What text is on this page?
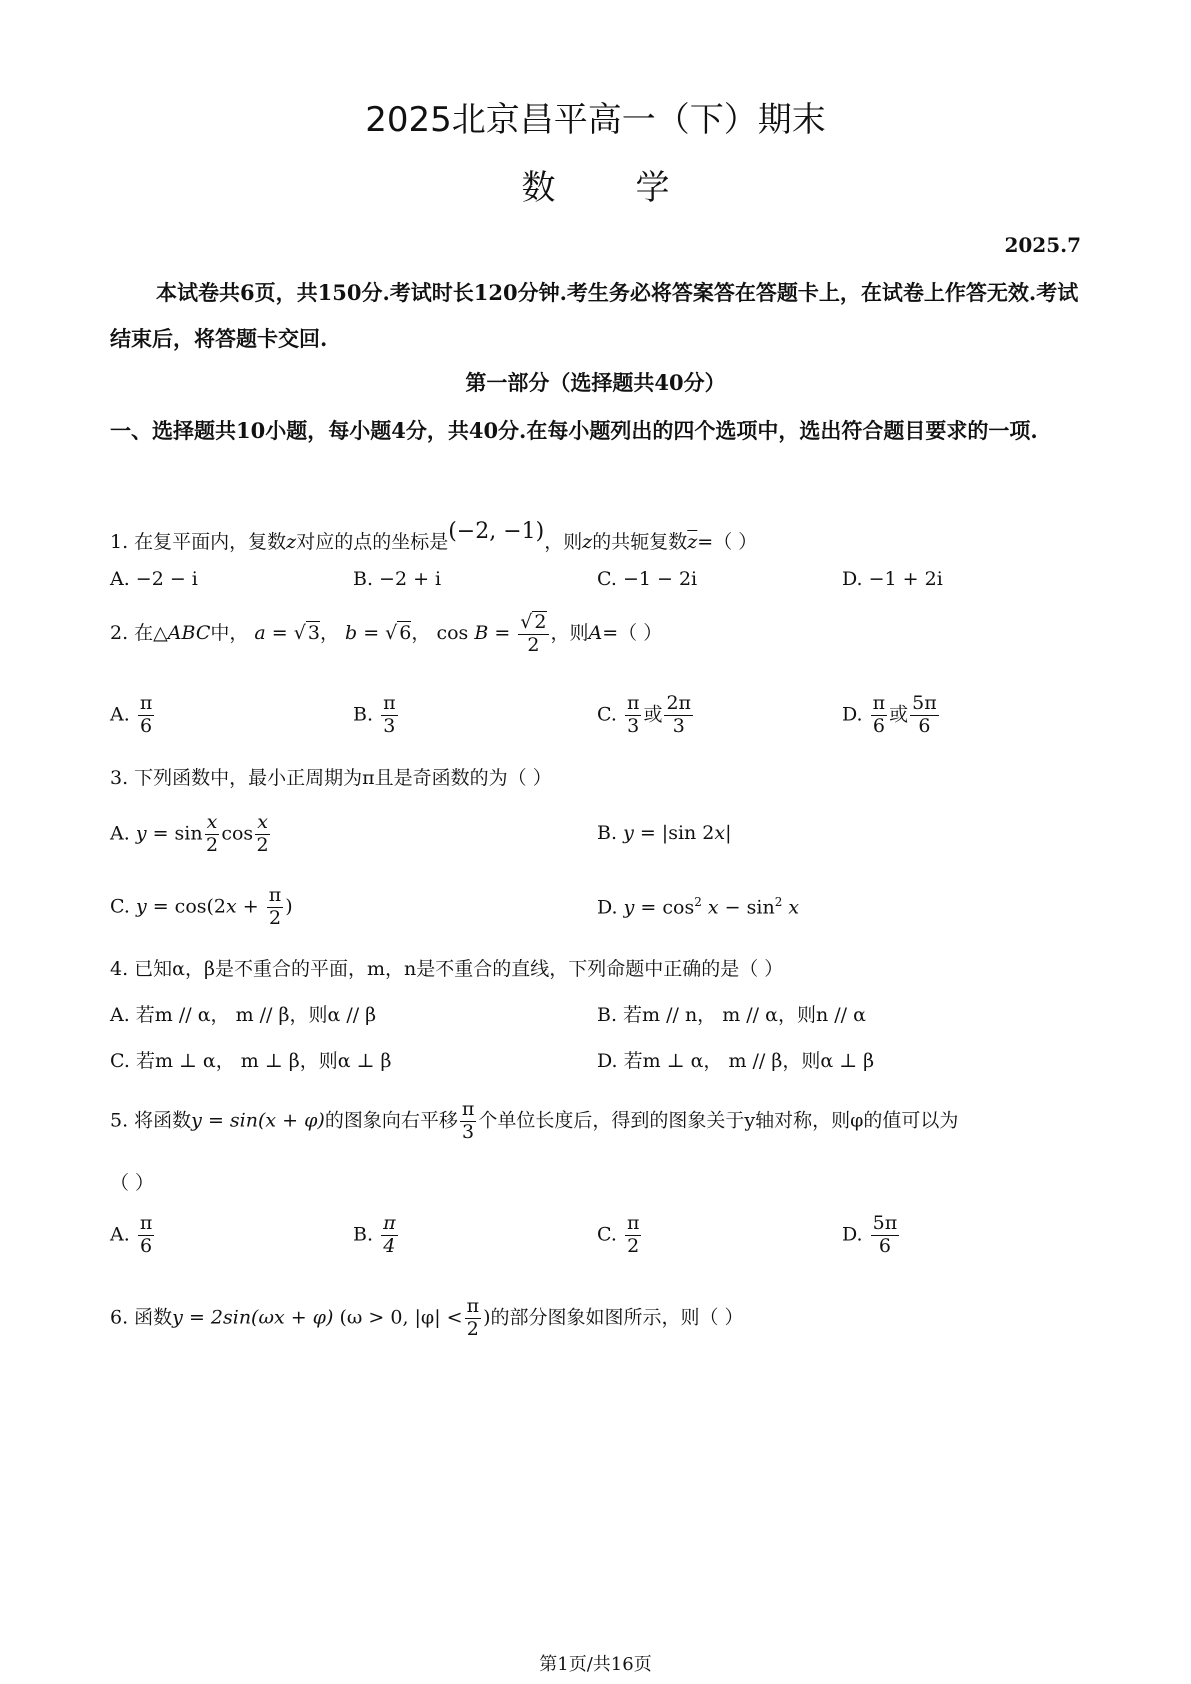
2025北京昌平高一（下）期末
数学
2025.7
本试卷共6页，共150分.考试时长120分钟.考生务必将答案答在答题卡上，在试卷上作答无效.考试结束后，将答题卡交回.
第一部分（选择题共40分）
一、选择题共10小题，每小题4分，共40分.在每小题列出的四个选项中，选出符合题目要求的一项.
1. 在复平面内，复数z对应的点的坐标是(−2, −1)，则z的共轭复数$\overline{z}=$（ ）
A. −2 − i	B. −2 + i	C. −1 − 2i	D. −1 + 2i
2. 在△ABC中， a = √ 3， b = √ 6， $\cos B = \frac{√ 2}{2}$ ，则A=（ ）
A. $\frac{\pi}{6}$	B. $\frac{\pi}{3}$	C. $\frac{\pi}{3}$ 或 $\frac{2\pi}{3}$	D. $\frac{\pi}{6}$ 或 $\frac{5\pi}{6}$
3. 下列函数中，最小正周期为π且是奇函数的为（ ）
A. $y = \sin \frac{x}{2}$ $\cos \frac{x}{2}$	B. y = |sin 2x|
C. $y = \cos(2x + \frac{\pi}{2}$ )	D. $y = \cos^2 x - \sin^2 x$
4. 已知α，β是不重合的平面，m，n是不重合的直线，下列命题中正确的是（ ）
A. 若m // α， m // β，则α // β	B. 若m // n， m // α，则n // α
C. 若m ⊥ α， m ⊥ β，则α ⊥ β	D. 若m ⊥ α， m // β，则α ⊥ β
5. 将函数y = sin(x + φ)的图象向右平移 $\frac{\pi}{3}$ 个单位长度后，得到的图象关于y轴对称，则φ的值可以为
（ ）
A. $\frac{\pi}{6}$	B. $\frac{\pi}{4}$	C. $\frac{\pi}{2}$	D. $\frac{5\pi}{6}$
6. 函数y = 2sin(ωx + φ) (ω > 0, $|\varphi| < \frac{\pi}{2}$ )的部分图象如图所示，则（ ）
第1页/共16页
